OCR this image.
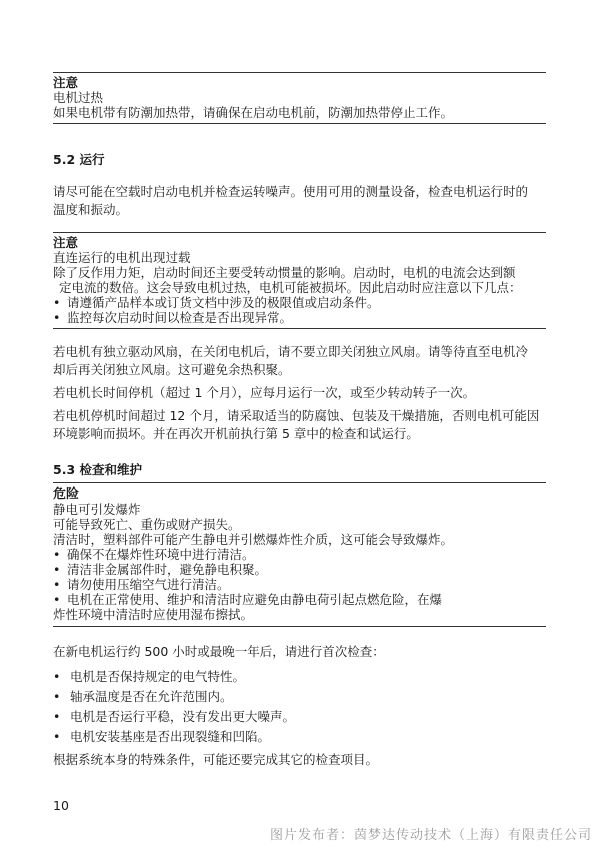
注意
电机过热
如果电机带有防潮加热带，请确保在启动电机前，防潮加热带停止工作。
5.2 运行
请尽可能在空载时启动电机并检查运转噪声。使用可用的测量设备，检查电机运行时的
温度和振动。
注意
直连运行的电机出现过载
除了反作用力矩，启动时间还主要受转动惯量的影响。启动时，电机的电流会达到额
定电流的数倍。这会导致电机过热，电机可能被损坏。因此启动时应注意以下几点：
• 请遵循产品样本或订货文档中涉及的极限值或启动条件。
• 监控每次启动时间以检查是否出现异常。
若电机有独立驱动风扇，在关闭电机后，请不要立即关闭独立风扇。请等待直至电机冷
却后再关闭独立风扇。这可避免余热积聚。
若电机长时间停机（超过 1 个月），应每月运行一次，或至少转动转子一次。
若电机停机时间超过 12 个月，请采取适当的防腐蚀、包装及干燥措施，否则电机可能因
环境影响而损坏。并在再次开机前执行第 5 章中的检查和试运行。
5.3 检查和维护
危险
静电可引发爆炸
可能导致死亡、重伤或财产损失。
清洁时，塑料部件可能产生静电并引燃爆炸性介质，这可能会导致爆炸。
• 确保不在爆炸性环境中进行清洁。
• 清洁非金属部件时，避免静电积聚。
• 请勿使用压缩空气进行清洁。
• 电机在正常使用、维护和清洁时应避免由静电荷引起点燃危险，在爆
炸性环境中清洁时应使用湿布擦拭。
在新电机运行约 500 小时或最晚一年后，请进行首次检查：
• 电机是否保持规定的电气特性。
• 轴承温度是否在允许范围内。
• 电机是否运行平稳，没有发出更大噪声。
• 电机安装基座是否出现裂缝和凹陷。
根据系统本身的特殊条件，可能还要完成其它的检查项目。
10
图片发布者：茵梦达传动技术（上海）有限责任公司
